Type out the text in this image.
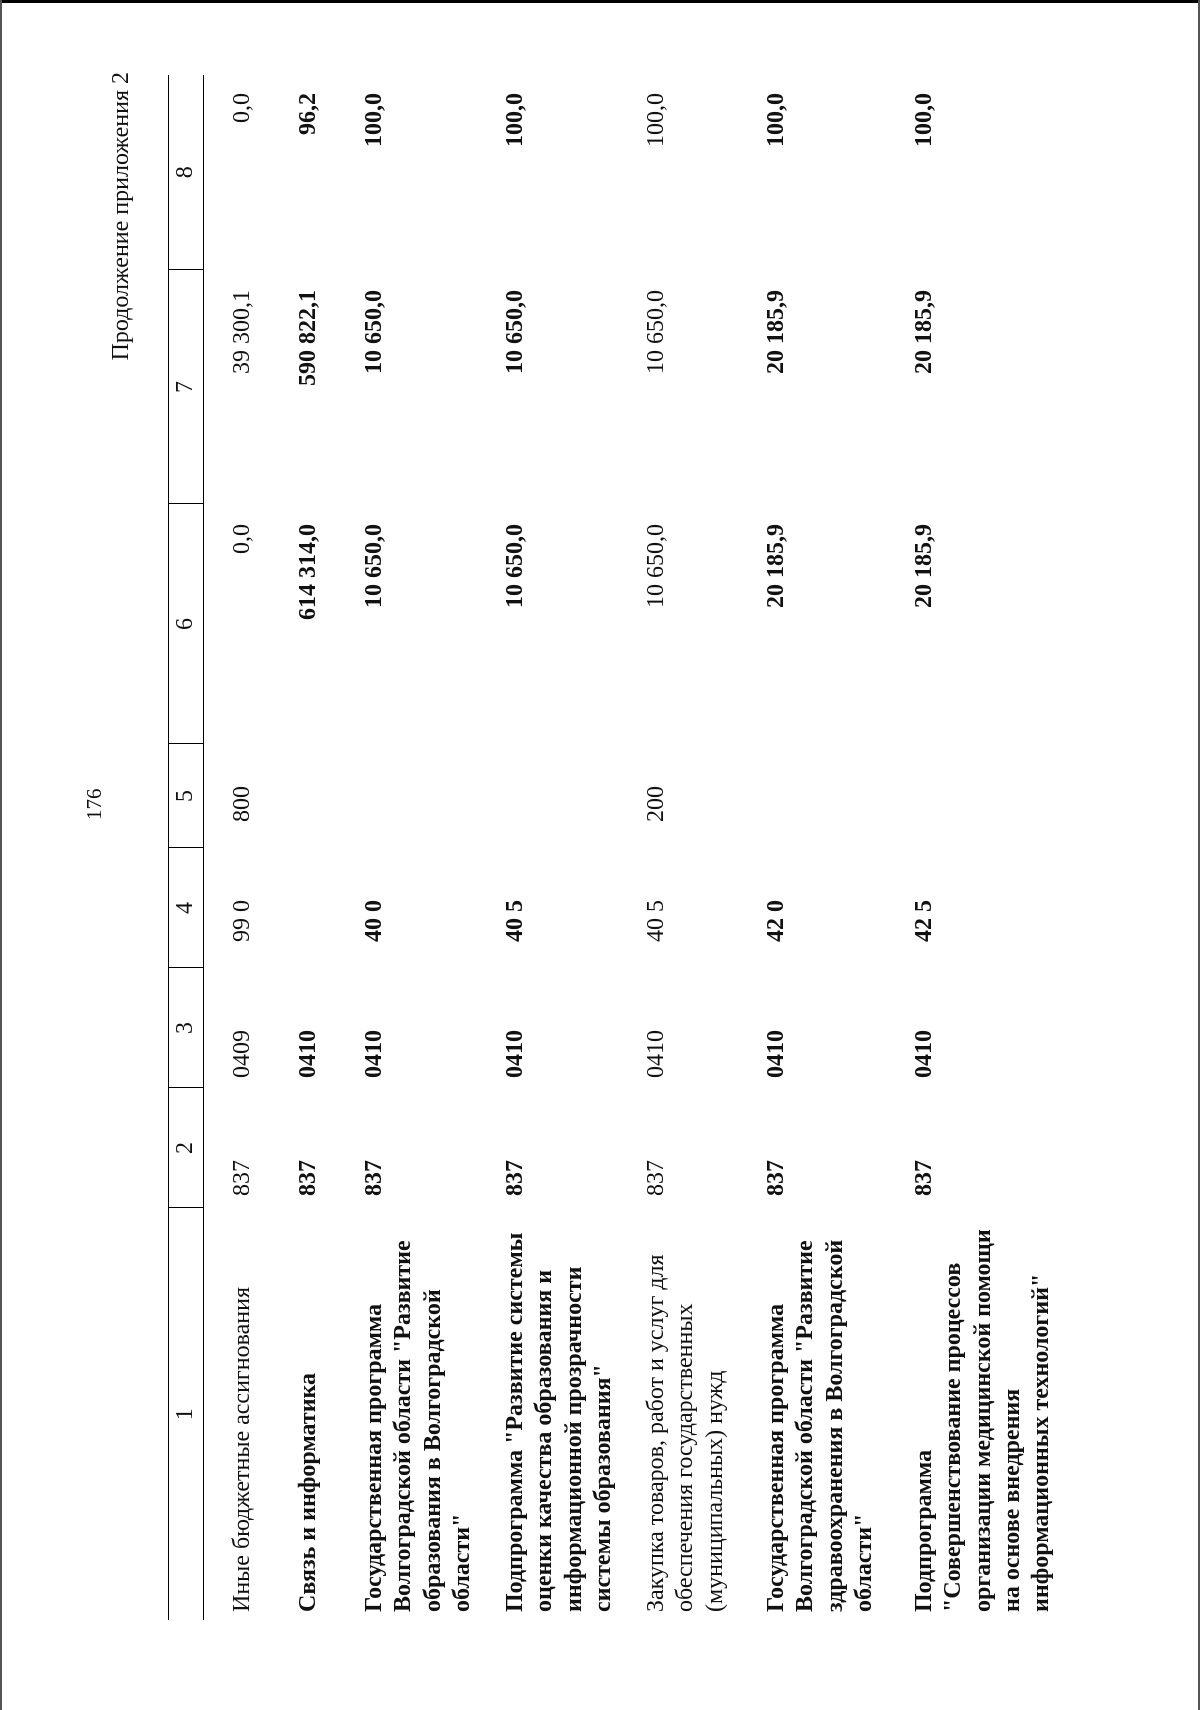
176
Продолжение приложения 2
1	2	3	4	5	6	7	8
Иные бюджетные ассигнования	837	0409	99 0	800	0,0	39 300,1	0,0
Связь и информатика	837	0410			614 314,0	590 822,1	96,2
Государственная программа Волгоградской области "Развитие образования в Волгоградской области"	837	0410	40 0		10 650,0	10 650,0	100,0
Подпрограмма "Развитие системы оценки качества образования и информационной прозрачности системы образования"	837	0410	40 5		10 650,0	10 650,0	100,0
Закупка товаров, работ и услуг для обеспечения государственных (муниципальных) нужд	837	0410	40 5	200	10 650,0	10 650,0	100,0
Государственная программа Волгоградской области "Развитие здравоохранения в Волгоградской области"	837	0410	42 0		20 185,9	20 185,9	100,0
Подпрограмма "Совершенствование процессов организации медицинской помощи на основе внедрения информационных технологий"	837	0410	42 5		20 185,9	20 185,9	100,0
